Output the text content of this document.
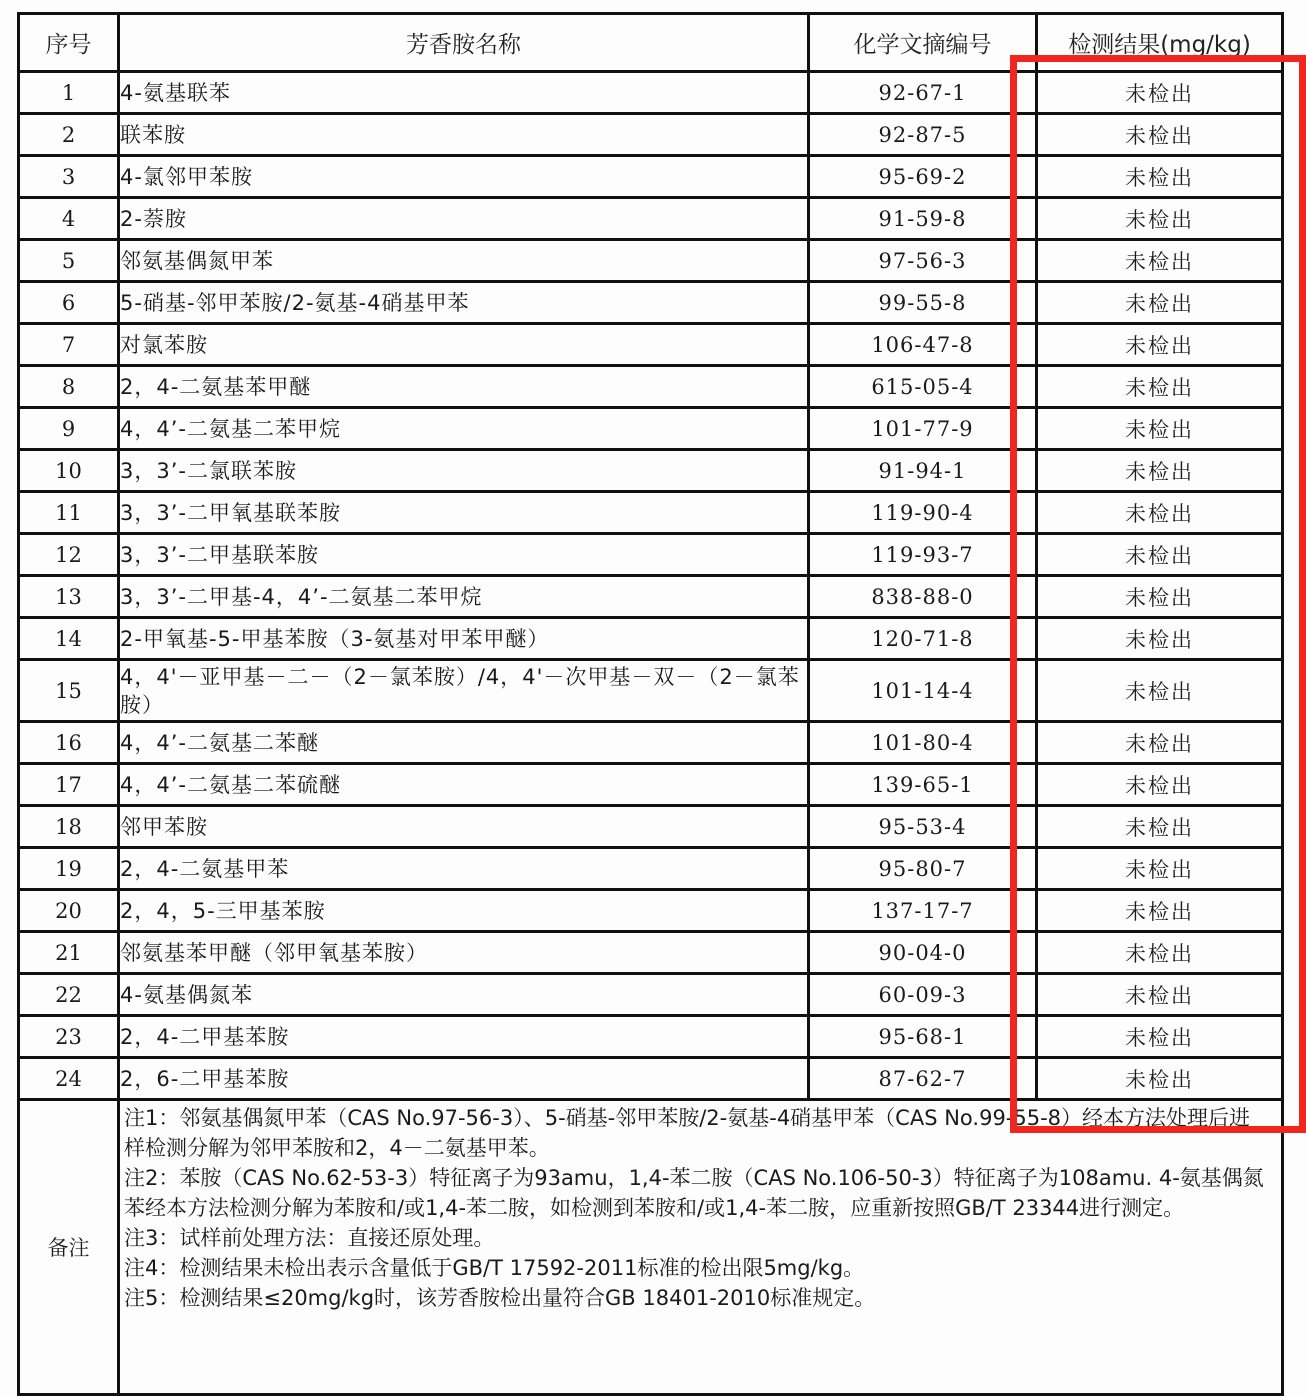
序号	芳香胺名称	化学文摘编号	检测结果(mg/kg)
1	4-氨基联苯	92-67-1	未检出
2	联苯胺	92-87-5	未检出
3	4-氯邻甲苯胺	95-69-2	未检出
4	2-萘胺	91-59-8	未检出
5	邻氨基偶氮甲苯	97-56-3	未检出
6	5-硝基-邻甲苯胺/2-氨基-4硝基甲苯	99-55-8	未检出
7	对氯苯胺	106-47-8	未检出
8	2，4-二氨基苯甲醚	615-05-4	未检出
9	4，4’-二氨基二苯甲烷	101-77-9	未检出
10	3，3’-二氯联苯胺	91-94-1	未检出
11	3，3’-二甲氧基联苯胺	119-90-4	未检出
12	3，3’-二甲基联苯胺	119-93-7	未检出
13	3，3’-二甲基-4，4’-二氨基二苯甲烷	838-88-0	未检出
14	2-甲氧基-5-甲基苯胺（3-氨基对甲苯甲醚）	120-71-8	未检出
15	4，4'－亚甲基－二－（2－氯苯胺）/4，4'－次甲基－双－（2－氯苯胺）	101-14-4	未检出
16	4，4’-二氨基二苯醚	101-80-4	未检出
17	4，4’-二氨基二苯硫醚	139-65-1	未检出
18	邻甲苯胺	95-53-4	未检出
19	2，4-二氨基甲苯	95-80-7	未检出
20	2，4，5-三甲基苯胺	137-17-7	未检出
21	邻氨基苯甲醚（邻甲氧基苯胺）	90-04-0	未检出
22	4-氨基偶氮苯	60-09-3	未检出
23	2，4-二甲基苯胺	95-68-1	未检出
24	2，6-二甲基苯胺	87-62-7	未检出
备注	注1：邻氨基偶氮甲苯（CAS No.97-56-3）、5-硝基-邻甲苯胺/2-氨基-4硝基甲苯（CAS No.99-55-8）经本方法处理后进样检测分解为邻甲苯胺和2，4－二氨基甲苯。
注2：苯胺（CAS No.62-53-3）特征离子为93amu，1,4-苯二胺（CAS No.106-50-3）特征离子为108amu. 4-氨基偶氮苯经本方法检测分解为苯胺和/或1,4-苯二胺，如检测到苯胺和/或1,4-苯二胺，应重新按照GB/T 23344进行测定。
注3：试样前处理方法：直接还原处理。
注4：检测结果未检出表示含量低于GB/T 17592-2011标准的检出限5mg/kg。
注5：检测结果≤20mg/kg时，该芳香胺检出量符合GB 18401-2010标准规定。		
